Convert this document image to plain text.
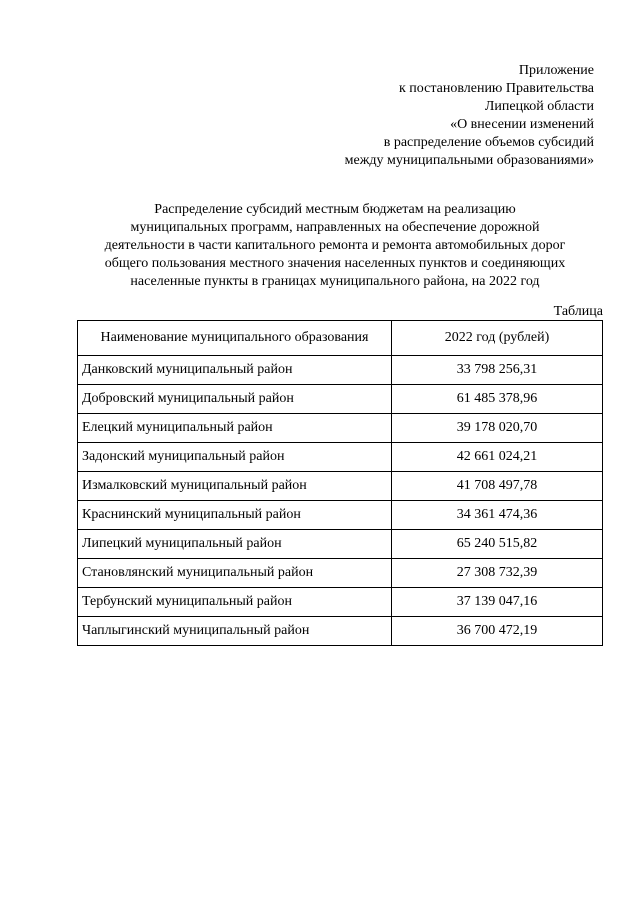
Приложение
к постановлению Правительства
Липецкой области
«О внесении изменений
в распределение объемов субсидий
между муниципальными образованиями»
Распределение субсидий местным бюджетам на реализацию
муниципальных программ, направленных на обеспечение дорожной
деятельности в части капитального ремонта и ремонта автомобильных дорог
общего пользования местного значения населенных пунктов и соединяющих
населенные пункты в границах муниципального района, на 2022 год
Таблица
Наименование муниципального образования	2022 год (рублей)
Данковский муниципальный район	33 798 256,31
Добровский муниципальный район	61 485 378,96
Елецкий муниципальный район	39 178 020,70
Задонский муниципальный район	42 661 024,21
Измалковский муниципальный район	41 708 497,78
Краснинский муниципальный район	34 361 474,36
Липецкий муниципальный район	65 240 515,82
Становлянский муниципальный район	27 308 732,39
Тербунский муниципальный район	37 139 047,16
Чаплыгинский муниципальный район	36 700 472,19
